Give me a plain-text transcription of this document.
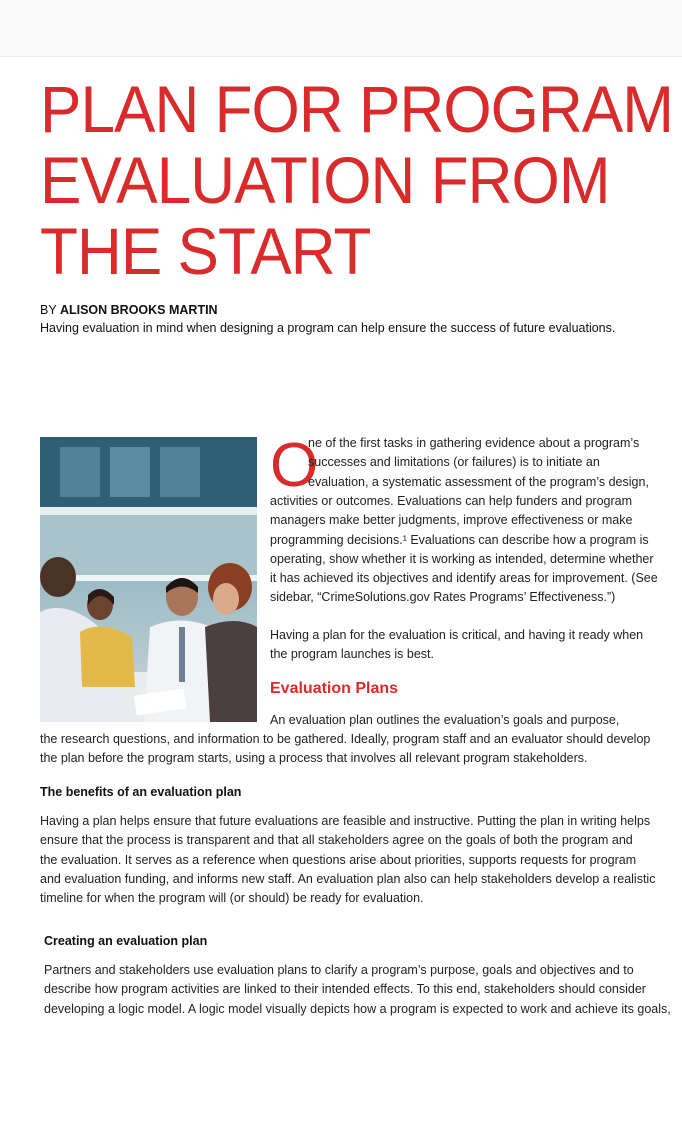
PLAN FOR PROGRAM
EVALUATION FROM
THE START
BY ALISON BROOKS MARTIN
Having evaluation in mind when designing a program can help ensure the success of future evaluations.
O
ne of the first tasks in gathering evidence about a program’s
successes and limitations (or failures) is to initiate an
evaluation, a systematic assessment of the program’s design,
activities or outcomes. Evaluations can help funders and program
managers make better judgments, improve effectiveness or make
programming decisions.¹ Evaluations can describe how a program is
operating, show whether it is working as intended, determine whether
it has achieved its objectives and identify areas for improvement. (See
sidebar, “CrimeSolutions.gov Rates Programs’ Effectiveness.”)
Having a plan for the evaluation is critical, and having it ready when
the program launches is best.
Evaluation Plans
An evaluation plan outlines the evaluation’s goals and purpose,
the research questions, and information to be gathered. Ideally, program staff and an evaluator should develop
the plan before the program starts, using a process that involves all relevant program stakeholders.
The benefits of an evaluation plan
Having a plan helps ensure that future evaluations are feasible and instructive. Putting the plan in writing helps
ensure that the process is transparent and that all stakeholders agree on the goals of both the program and
the evaluation. It serves as a reference when questions arise about priorities, supports requests for program
and evaluation funding, and informs new staff. An evaluation plan also can help stakeholders develop a realistic
timeline for when the program will (or should) be ready for evaluation.
Creating an evaluation plan
Partners and stakeholders use evaluation plans to clarify a program’s purpose, goals and objectives and to
describe how program activities are linked to their intended effects. To this end, stakeholders should consider
developing a logic model. A logic model visually depicts how a program is expected to work and achieve its goals,
